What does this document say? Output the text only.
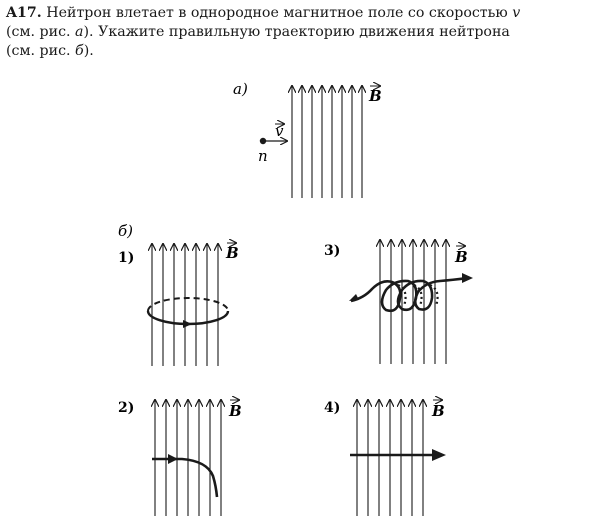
A17. Нейтрон влетает в однородное магнитное поле со скоростью v
(см. рис. а). Укажите правильную траекторию движения нейтрона
(см. рис. б).
а)	B
v
n
б)
1)	B
2)	B
3)	B
4)	B
